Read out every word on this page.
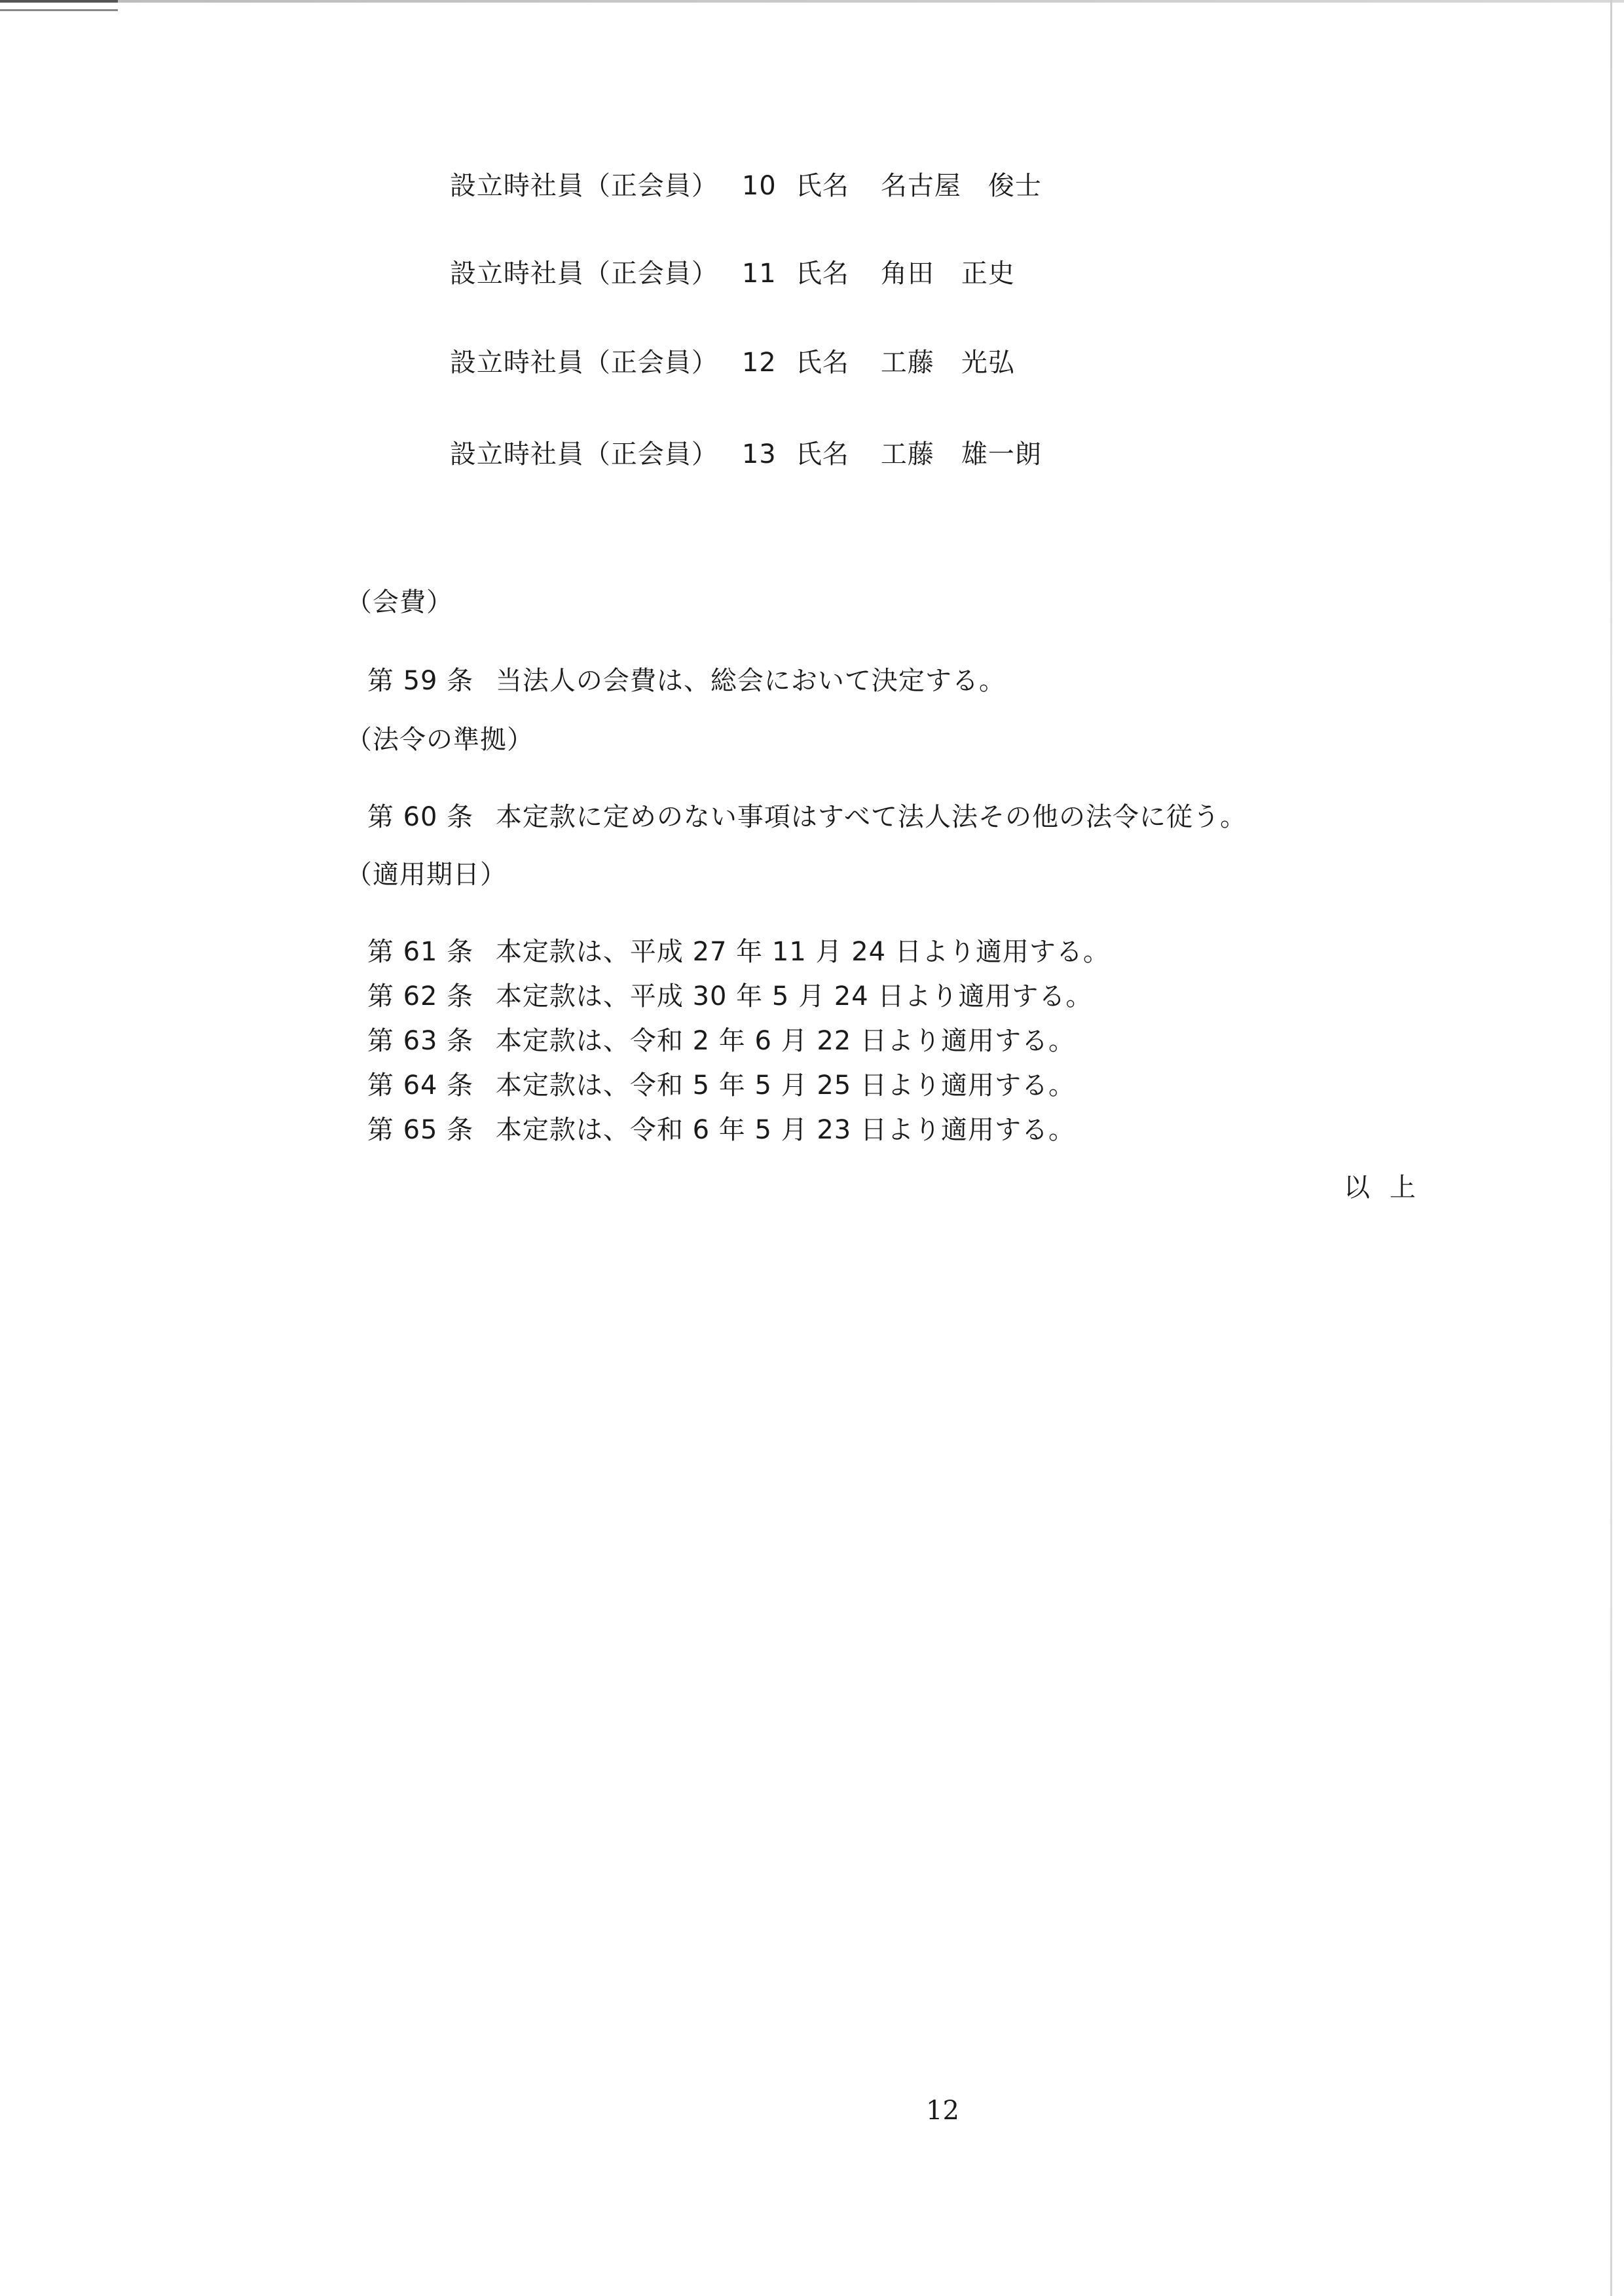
設立時社員（正会員） 10 氏名 名古屋　俊士

設立時社員（正会員） 11 氏名 角田　正史

設立時社員（正会員） 12 氏名 工藤　光弘

設立時社員（正会員） 13 氏名 工藤　雄一朗

（会費）

第 59 条 当法人の会費は、総会において決定する。

（法令の準拠）

第 60 条 本定款に定めのない事項はすべて法人法その他の法令に従う。

（適用期日）

第 61 条 本定款は、平成 27 年 11 月 24 日より適用する。

第 62 条 本定款は、平成 30 年 5 月 24 日より適用する。

第 63 条 本定款は、令和 2 年 6 月 22 日より適用する。

第 64 条 本定款は、令和 5 年 5 月 25 日より適用する。

第 65 条 本定款は、令和 6 年 5 月 23 日より適用する。

以上
12
